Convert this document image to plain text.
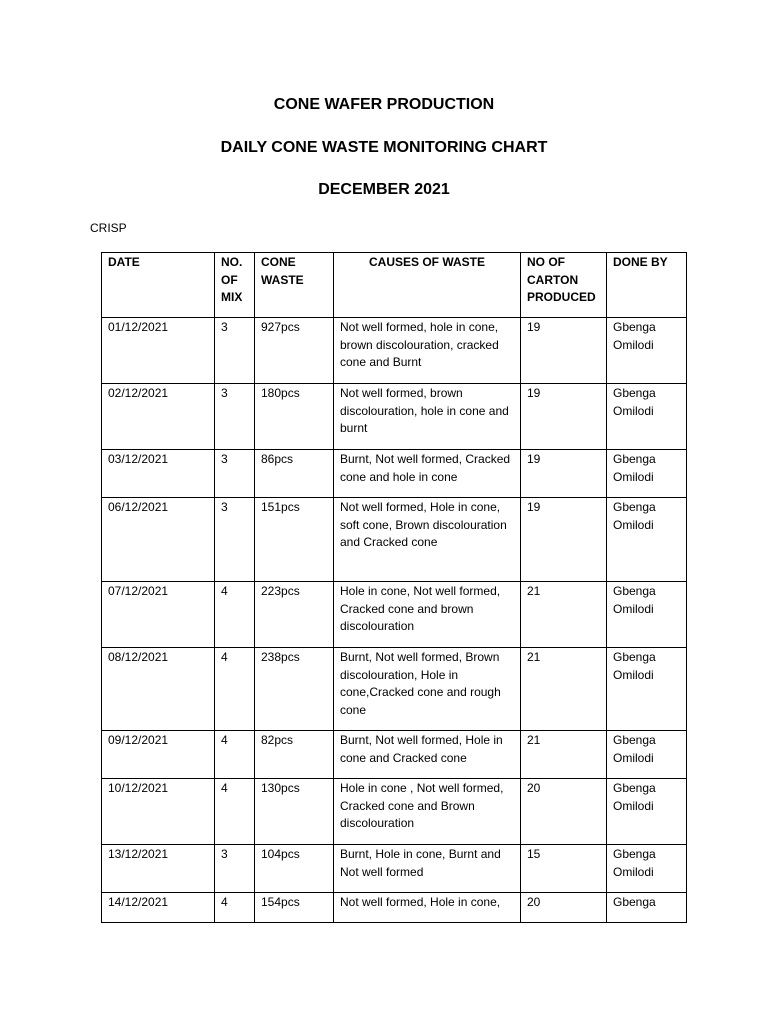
CONE WAFER PRODUCTION
DAILY CONE WASTE MONITORING CHART
DECEMBER 2021
CRISP
DATE	NO. OF MIX	CONE WASTE	CAUSES OF WASTE	NO OF CARTON PRODUCED	DONE BY
01/12/2021	3	927pcs	Not well formed, hole in cone, brown discolouration, cracked cone and Burnt	19	Gbenga Omilodi
02/12/2021	3	180pcs	Not well formed, brown discolouration, hole in cone and burnt	19	Gbenga Omilodi
03/12/2021	3	86pcs	Burnt, Not well formed, Cracked cone and hole in cone	19	Gbenga Omilodi
06/12/2021	3	151pcs	Not well formed, Hole in cone, soft cone, Brown discolouration and Cracked cone	19	Gbenga Omilodi
07/12/2021	4	223pcs	Hole in cone, Not well formed, Cracked cone and brown discolouration	21	Gbenga Omilodi
08/12/2021	4	238pcs	Burnt, Not well formed, Brown discolouration, Hole in cone,Cracked cone and rough cone	21	Gbenga Omilodi
09/12/2021	4	82pcs	Burnt, Not well formed, Hole in cone and Cracked cone	21	Gbenga Omilodi
10/12/2021	4	130pcs	Hole in cone , Not well formed, Cracked cone and Brown discolouration	20	Gbenga Omilodi
13/12/2021	3	104pcs	Burnt, Hole in cone, Burnt and Not well formed	15	Gbenga Omilodi
14/12/2021	4	154pcs	Not well formed, Hole in cone,	20	Gbenga
